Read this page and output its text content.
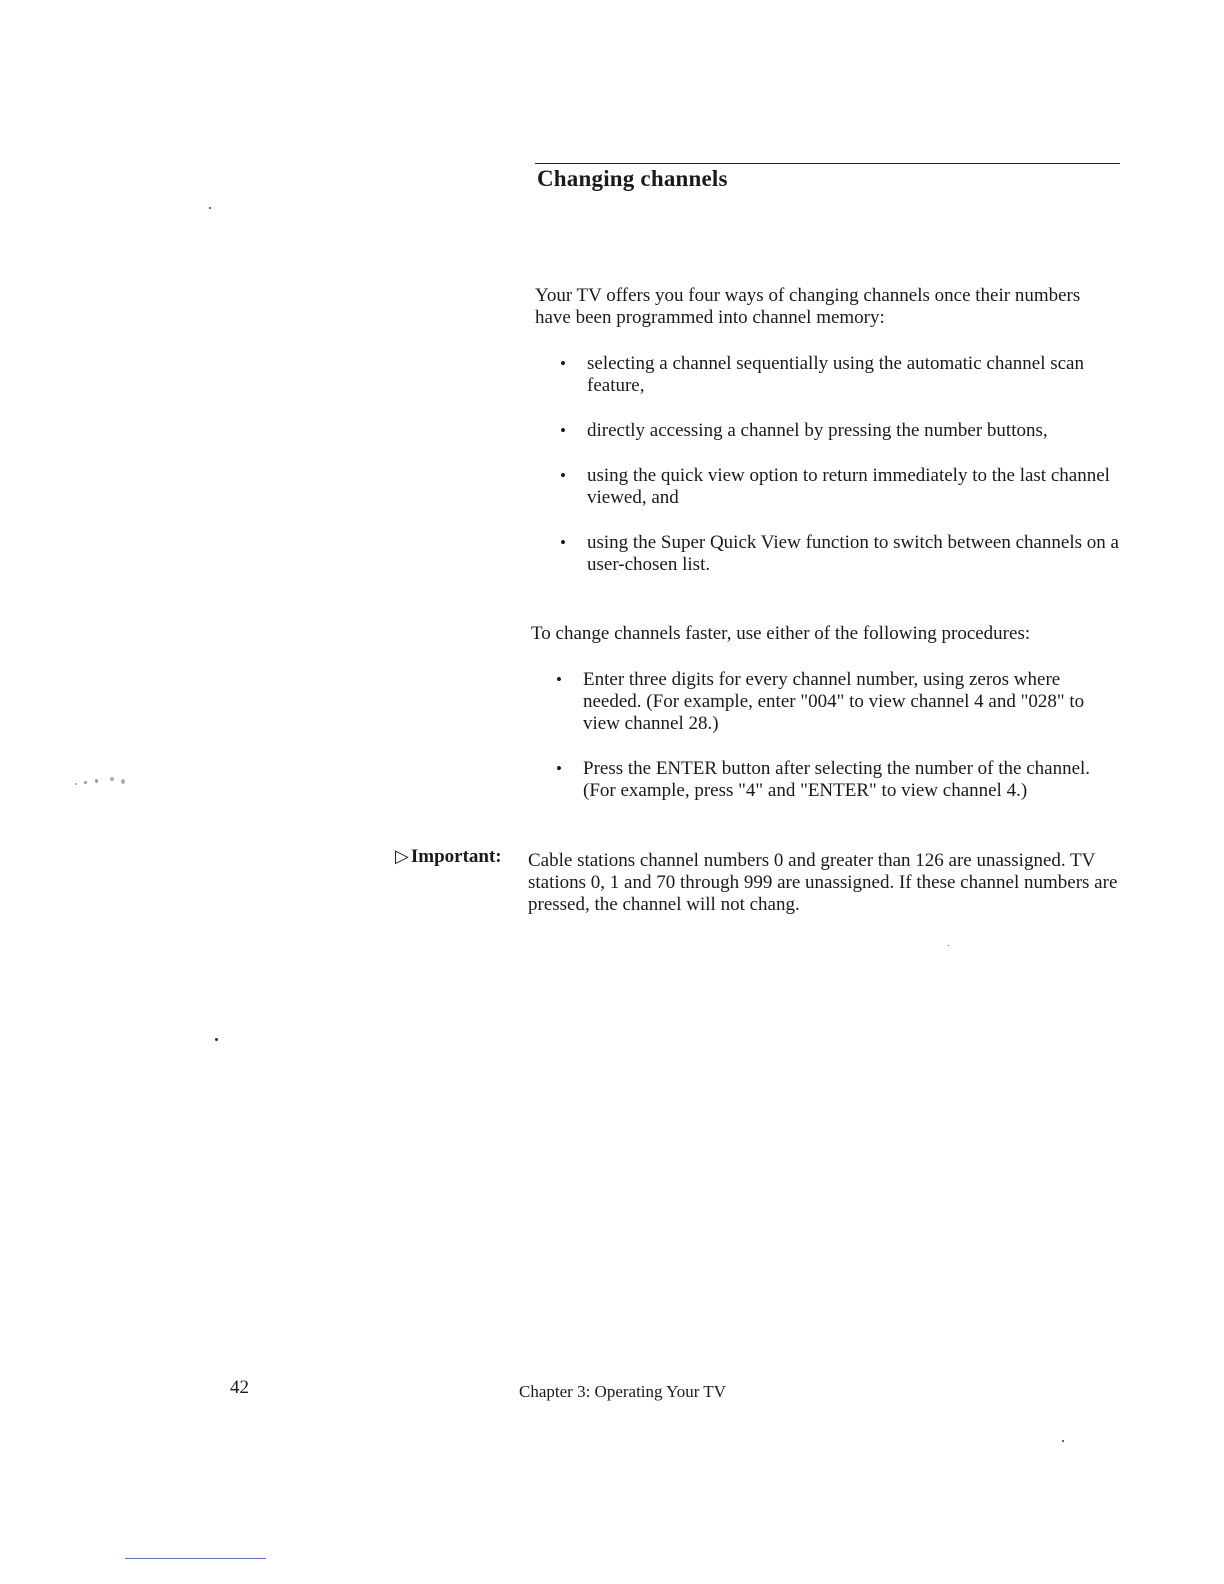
Changing channels

Your TV offers you four ways of changing channels once their numbers have been programmed into channel memory:

• selecting a channel sequentially using the automatic channel scan feature,
• directly accessing a channel by pressing the number buttons,
• using the quick view option to return immediately to the last channel viewed, and
• using the Super Quick View function to switch between channels on a user-chosen list.

To change channels faster, use either of the following procedures:

• Enter three digits for every channel number, using zeros where needed. (For example, enter "004" to view channel 4 and "028" to view channel 28.)
• Press the ENTER button after selecting the number of the channel. (For example, press "4" and "ENTER" to view channel 4.)
▷ Important: Cable stations channel numbers 0 and greater than 126 are unassigned. TV stations 0, 1 and 70 through 999 are unassigned. If these channel numbers are pressed, the channel will not chang.

42	Chapter 3: Operating Your TV
